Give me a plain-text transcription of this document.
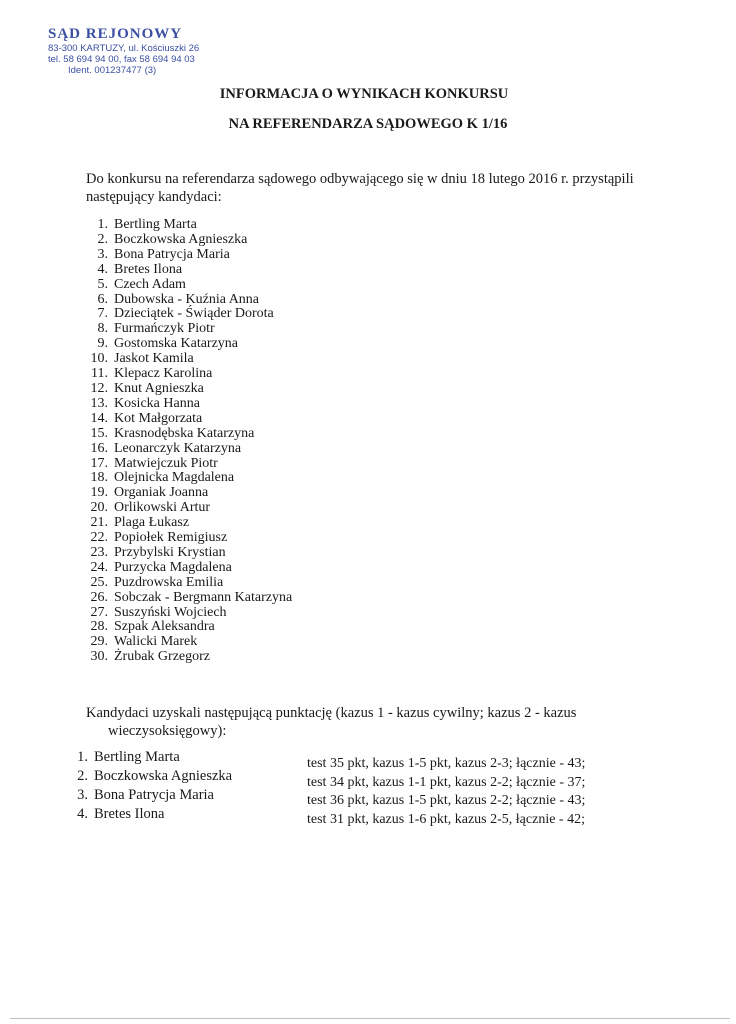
SĄD REJONOWY
83-300 KARTUZY, ul. Kościuszki 26
tel. 58 694 94 00, fax 58 694 94 03
Ident. 001237477 (3)
INFORMACJA O WYNIKACH KONKURSU
NA REFERENDARZA SĄDOWEGO K 1/16
Do konkursu na referendarza sądowego odbywającego się w dniu 18 lutego 2016 r. przystąpili następujący kandydaci:
1. Bertling Marta
2. Boczkowska Agnieszka
3. Bona Patrycja Maria
4. Bretes Ilona
5. Czech Adam
6. Dubowska - Kuźnia Anna
7. Dzieciątek - Świąder Dorota
8. Furmańczyk Piotr
9. Gostomska Katarzyna
10. Jaskot Kamila
11. Klepacz Karolina
12. Knut Agnieszka
13. Kosicka Hanna
14. Kot Małgorzata
15. Krasnodębska Katarzyna
16. Leonarczyk Katarzyna
17. Matwiejczuk Piotr
18. Olejnicka Magdalena
19. Organiak Joanna
20. Orlikowski Artur
21. Plaga Łukasz
22. Popiołek Remigiusz
23. Przybylski Krystian
24. Purzycka Magdalena
25. Puzdrowska Emilia
26. Sobczak - Bergmann Katarzyna
27. Suszyński Wojciech
28. Szpak Aleksandra
29. Walicki Marek
30. Żrubak Grzegorz
Kandydaci uzyskali następującą punktację (kazus 1 - kazus cywilny; kazus 2 - kazus
wieczysoksięgowy):
1. Bertling Marta
2. Boczkowska Agnieszka
3. Bona Patrycja Maria
4. Bretes Ilona
test 35 pkt, kazus 1-5 pkt, kazus 2-3; łącznie - 43;
test 34 pkt, kazus 1-1 pkt, kazus 2-2; łącznie - 37;
test 36 pkt, kazus 1-5 pkt, kazus 2-2; łącznie - 43;
test 31 pkt, kazus 1-6 pkt, kazus 2-5, łącznie - 42;
